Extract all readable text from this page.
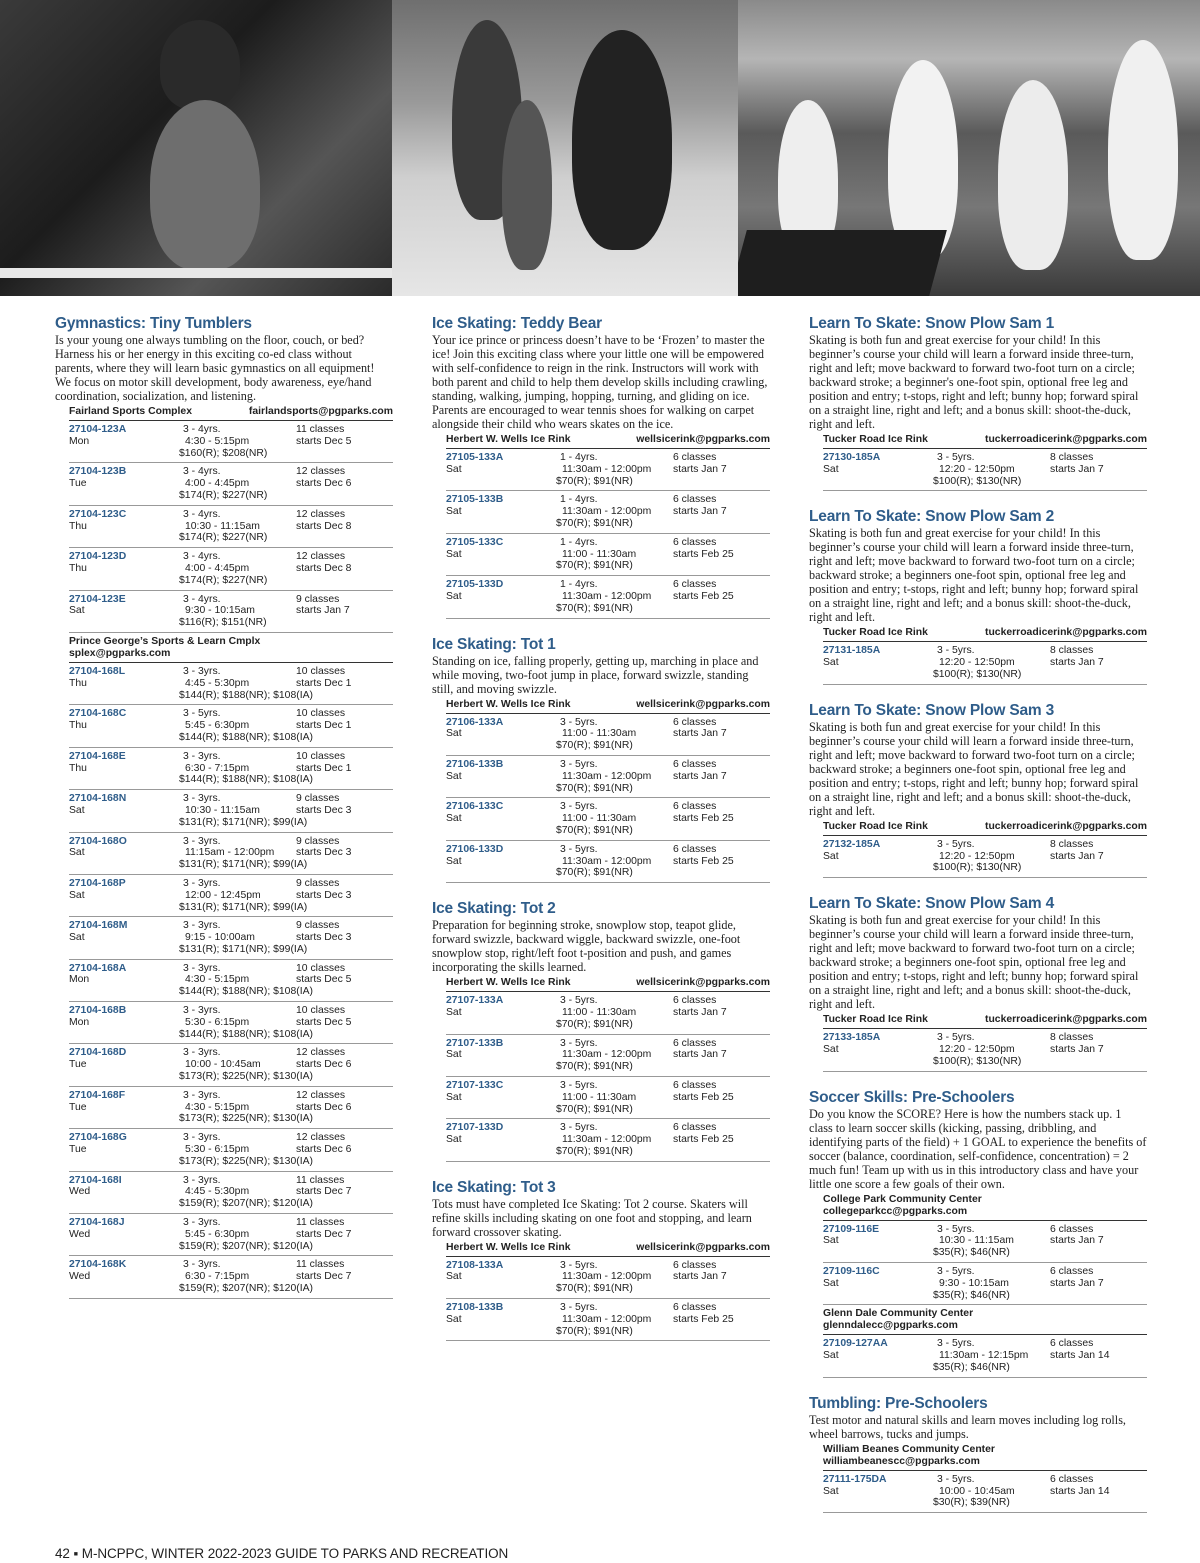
Gymnastics: Tiny Tumblers

Is your young one always tumbling on the floor, couch, or bed? Harness his or her energy in this exciting co-ed class without parents, where they will learn basic gymnastics on all equipment! We focus on motor skill development, body awareness, eye/hand coordination, socialization, and listening.

Fairland Sports Complex	fairlandsports@pgparks.com
27104-123A	3 - 4yrs.	11 classes
Mon	4:30 - 5:15pm	starts Dec 5
$160(R); $208(NR)
27104-123B	3 - 4yrs.	12 classes
Tue	4:00 - 4:45pm	starts Dec 6
$174(R); $227(NR)
27104-123C	3 - 4yrs.	12 classes
Thu	10:30 - 11:15am	starts Dec 8
$174(R); $227(NR)
27104-123D	3 - 4yrs.	12 classes
Thu	4:00 - 4:45pm	starts Dec 8
$174(R); $227(NR)
27104-123E	3 - 4yrs.	9 classes
Sat	9:30 - 10:15am	starts Jan 7
$116(R); $151(NR)
Prince George’s Sports & Learn Cmplx
splex@pgparks.com
27104-168L	3 - 3yrs.	10 classes
Thu	4:45 - 5:30pm	starts Dec 1
$144(R); $188(NR); $108(IA)
27104-168C	3 - 5yrs.	10 classes
Thu	5:45 - 6:30pm	starts Dec 1
$144(R); $188(NR); $108(IA)
27104-168E	3 - 3yrs.	10 classes
Thu	6:30 - 7:15pm	starts Dec 1
$144(R); $188(NR); $108(IA)
27104-168N	3 - 3yrs.	9 classes
Sat	10:30 - 11:15am	starts Dec 3
$131(R); $171(NR); $99(IA)
27104-168O	3 - 3yrs.	9 classes
Sat	11:15am - 12:00pm	starts Dec 3
$131(R); $171(NR); $99(IA)
27104-168P	3 - 3yrs.	9 classes
Sat	12:00 - 12:45pm	starts Dec 3
$131(R); $171(NR); $99(IA)
27104-168M	3 - 3yrs.	9 classes
Sat	9:15 - 10:00am	starts Dec 3
$131(R); $171(NR); $99(IA)
27104-168A	3 - 3yrs.	10 classes
Mon	4:30 - 5:15pm	starts Dec 5
$144(R); $188(NR); $108(IA)
27104-168B	3 - 3yrs.	10 classes
Mon	5:30 - 6:15pm	starts Dec 5
$144(R); $188(NR); $108(IA)
27104-168D	3 - 3yrs.	12 classes
Tue	10:00 - 10:45am	starts Dec 6
$173(R); $225(NR); $130(IA)
27104-168F	3 - 3yrs.	12 classes
Tue	4:30 - 5:15pm	starts Dec 6
$173(R); $225(NR); $130(IA)
27104-168G	3 - 3yrs.	12 classes
Tue	5:30 - 6:15pm	starts Dec 6
$173(R); $225(NR); $130(IA)
27104-168I	3 - 3yrs.	11 classes
Wed	4:45 - 5:30pm	starts Dec 7
$159(R); $207(NR); $120(IA)
27104-168J	3 - 3yrs.	11 classes
Wed	5:45 - 6:30pm	starts Dec 7
$159(R); $207(NR); $120(IA)
27104-168K	3 - 3yrs.	11 classes
Wed	6:30 - 7:15pm	starts Dec 7
$159(R); $207(NR); $120(IA)
Ice Skating: Teddy Bear

Your ice prince or princess doesn’t have to be ‘Frozen’ to master the ice! Join this exciting class where your little one will be empowered with self-confidence to reign in the rink. Instructors will work with both parent and child to help them develop skills including crawling, standing, walking, jumping, hopping, turning, and gliding on ice. Parents are encouraged to wear tennis shoes for walking on carpet alongside their child who wears skates on the ice.

Herbert W. Wells Ice Rink	wellsicerink@pgparks.com
27105-133A	1 - 4yrs.	6 classes
Sat	11:30am - 12:00pm	starts Jan 7
$70(R); $91(NR)
27105-133B	1 - 4yrs.	6 classes
Sat	11:30am - 12:00pm	starts Jan 7
$70(R); $91(NR)
27105-133C	1 - 4yrs.	6 classes
Sat	11:00 - 11:30am	starts Feb 25
$70(R); $91(NR)
27105-133D	1 - 4yrs.	6 classes
Sat	11:30am - 12:00pm	starts Feb 25
$70(R); $91(NR)
Ice Skating: Tot 1

Standing on ice, falling properly, getting up, marching in place and while moving, two-foot jump in place, forward swizzle, standing still, and moving swizzle.

Herbert W. Wells Ice Rink	wellsicerink@pgparks.com
27106-133A	3 - 5yrs.	6 classes
Sat	11:00 - 11:30am	starts Jan 7
$70(R); $91(NR)
27106-133B	3 - 5yrs.	6 classes
Sat	11:30am - 12:00pm	starts Jan 7
$70(R); $91(NR)
27106-133C	3 - 5yrs.	6 classes
Sat	11:00 - 11:30am	starts Feb 25
$70(R); $91(NR)
27106-133D	3 - 5yrs.	6 classes
Sat	11:30am - 12:00pm	starts Feb 25
$70(R); $91(NR)
Ice Skating: Tot 2

Preparation for beginning stroke, snowplow stop, teapot glide, forward swizzle, backward wiggle, backward swizzle, one-foot snowplow stop, right/left foot t-position and push, and games incorporating the skills learned.

Herbert W. Wells Ice Rink	wellsicerink@pgparks.com
27107-133A	3 - 5yrs.	6 classes
Sat	11:00 - 11:30am	starts Jan 7
$70(R); $91(NR)
27107-133B	3 - 5yrs.	6 classes
Sat	11:30am - 12:00pm	starts Jan 7
$70(R); $91(NR)
27107-133C	3 - 5yrs.	6 classes
Sat	11:00 - 11:30am	starts Feb 25
$70(R); $91(NR)
27107-133D	3 - 5yrs.	6 classes
Sat	11:30am - 12:00pm	starts Feb 25
$70(R); $91(NR)
Ice Skating: Tot 3

Tots must have completed Ice Skating: Tot 2 course. Skaters will refine skills including skating on one foot and stopping, and learn forward crossover skating.

Herbert W. Wells Ice Rink	wellsicerink@pgparks.com
27108-133A	3 - 5yrs.	6 classes
Sat	11:30am - 12:00pm	starts Jan 7
$70(R); $91(NR)
27108-133B	3 - 5yrs.	6 classes
Sat	11:30am - 12:00pm	starts Feb 25
$70(R); $91(NR)
Learn To Skate: Snow Plow Sam 1

Skating is both fun and great exercise for your child! In this beginner’s course your child will learn a forward inside three-turn, right and left; move backward to forward two-foot turn on a circle; backward stroke; a beginner's one-foot spin, optional free leg and position and entry; t-stops, right and left; bunny hop; forward spiral on a straight line, right and left; and a bonus skill: shoot-the-duck, right and left.

Tucker Road Ice Rink	tuckerroadicerink@pgparks.com
27130-185A	3 - 5yrs.	8 classes
Sat	12:20 - 12:50pm	starts Jan 7
$100(R); $130(NR)
Learn To Skate: Snow Plow Sam 2

Skating is both fun and great exercise for your child! In this beginner’s course your child will learn a forward inside three-turn, right and left; move backward to forward two-foot turn on a circle; backward stroke; a beginners one-foot spin, optional free leg and position and entry; t-stops, right and left; bunny hop; forward spiral on a straight line, right and left; and a bonus skill: shoot-the-duck, right and left.

Tucker Road Ice Rink	tuckerroadicerink@pgparks.com
27131-185A	3 - 5yrs.	8 classes
Sat	12:20 - 12:50pm	starts Jan 7
$100(R); $130(NR)
Learn To Skate: Snow Plow Sam 3

Skating is both fun and great exercise for your child! In this beginner’s course your child will learn a forward inside three-turn, right and left; move backward to forward two-foot turn on a circle; backward stroke; a beginners one-foot spin, optional free leg and position and entry; t-stops, right and left; bunny hop; forward spiral on a straight line, right and left; and a bonus skill: shoot-the-duck, right and left.

Tucker Road Ice Rink	tuckerroadicerink@pgparks.com
27132-185A	3 - 5yrs.	8 classes
Sat	12:20 - 12:50pm	starts Jan 7
$100(R); $130(NR)
Learn To Skate: Snow Plow Sam 4

Skating is both fun and great exercise for your child! In this beginner’s course your child will learn a forward inside three-turn, right and left; move backward to forward two-foot turn on a circle; backward stroke; a beginners one-foot spin, optional free leg and position and entry; t-stops, right and left; bunny hop; forward spiral on a straight line, right and left; and a bonus skill: shoot-the-duck, right and left.

Tucker Road Ice Rink	tuckerroadicerink@pgparks.com
27133-185A	3 - 5yrs.	8 classes
Sat	12:20 - 12:50pm	starts Jan 7
$100(R); $130(NR)
Soccer Skills: Pre-Schoolers

Do you know the SCORE? Here is how the numbers stack up. 1 class to learn soccer skills (kicking, passing, dribbling, and identifying parts of the field) + 1 GOAL to experience the benefits of soccer (balance, coordination, self-confidence, concentration) = 2 much fun! Team up with us in this introductory class and have your little one score a few goals of their own.

College Park Community Center
collegeparkcc@pgparks.com
27109-116E	3 - 5yrs.	6 classes
Sat	10:30 - 11:15am	starts Jan 7
$35(R); $46(NR)
27109-116C	3 - 5yrs.	6 classes
Sat	9:30 - 10:15am	starts Jan 7
$35(R); $46(NR)
Glenn Dale Community Center
glenndalecc@pgparks.com
27109-127AA	3 - 5yrs.	6 classes
Sat	11:30am - 12:15pm	starts Jan 14
$35(R); $46(NR)
Tumbling: Pre-Schoolers

Test motor and natural skills and learn moves including log rolls, wheel barrows, tucks and jumps.

William Beanes Community Center
williambeanescc@pgparks.com
27111-175DA	3 - 5yrs.	6 classes
Sat	10:00 - 10:45am	starts Jan 14
$30(R); $39(NR)
42 ▪ M-NCPPC, WINTER 2022-2023 GUIDE TO PARKS AND RECREATION
